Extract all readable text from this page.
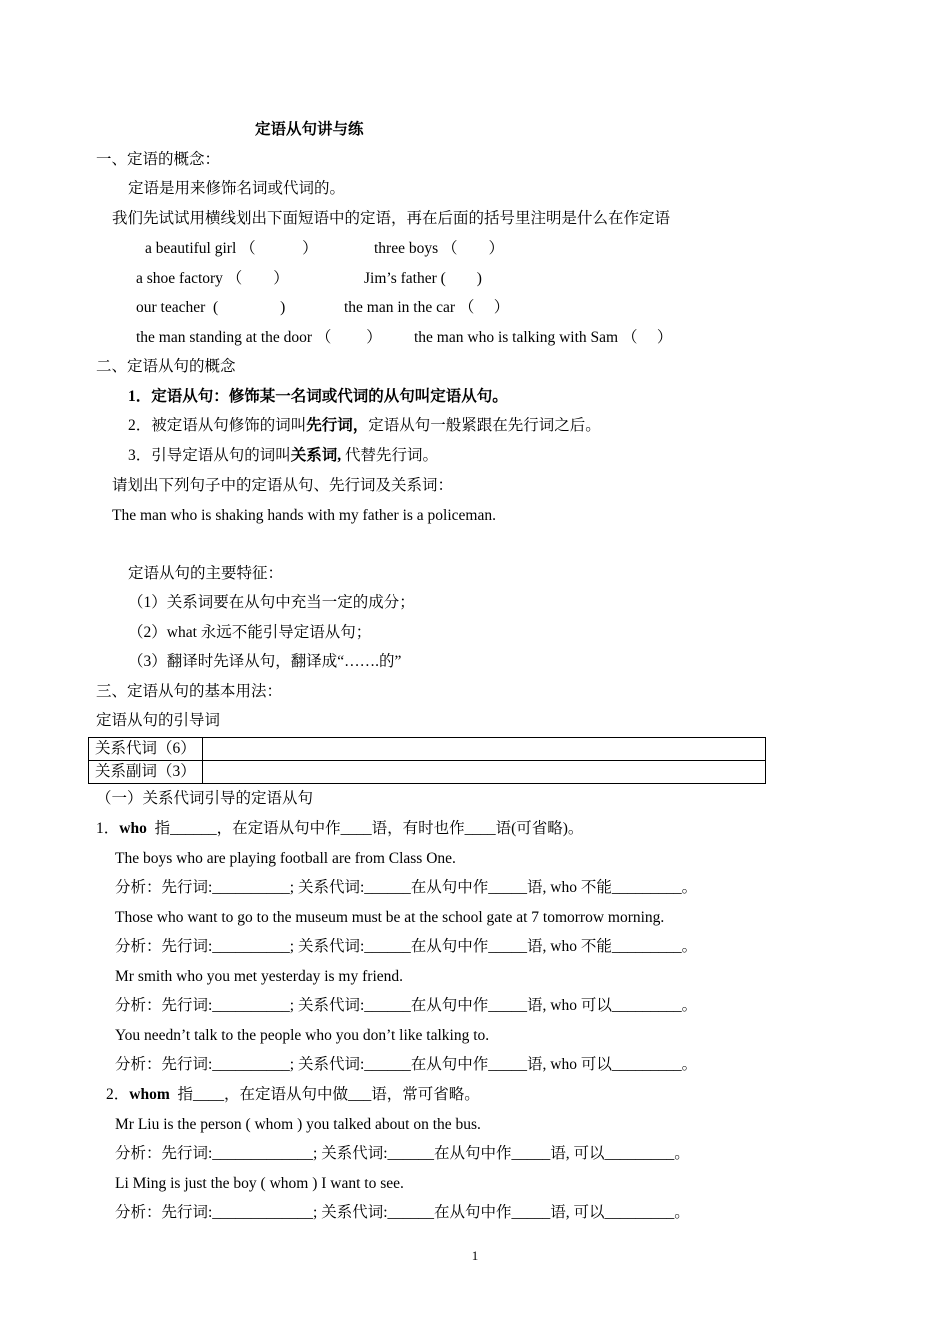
定语从句讲与练
一、定语的概念：
定语是用来修饰名词或代词的。
我们先试试用横线划出下面短语中的定语，再在后面的括号里注明是什么在作定语
a beautiful girl （　　　）	three boys （　　）
a shoe factory （　　）	Jim’s father (　　)
our teacher  (　　　　)	the man in the car （　 ）
the man standing at the door （　　 ） the man who is talking with Sam （　 ）
二、定语从句的概念
1．定语从句：修饰某一名词或代词的从句叫定语从句。
2．被定语从句修饰的词叫先行词，定语从句一般紧跟在先行词之后。
3．引导定语从句的词叫关系词, 代替先行词。
请划出下列句子中的定语从句、先行词及关系词：
The man who is shaking hands with my father is a policeman.
定语从句的主要特征：
（1）关系词要在从句中充当一定的成分；
（2）what 永远不能引导定语从句；
（3）翻译时先译从句，翻译成“…….的”
三、定语从句的基本用法：
定语从句的引导词
关系代词（6）	
关系副词（3）	
（一）关系代词引导的定语从句
1．who  指______，在定语从句中作____语，有时也作____语(可省略)。
The boys who are playing football are from Class One.
分析：先行词:__________; 关系代词:______在从句中作_____语, who 不能_________。
Those who want to go to the museum must be at the school gate at 7 tomorrow morning.
分析：先行词:__________; 关系代词:______在从句中作_____语, who 不能_________。
Mr smith who you met yesterday is my friend.
分析：先行词:__________; 关系代词:______在从句中作_____语, who 可以_________。
You needn’t talk to the people who you don’t like talking to.
分析：先行词:__________; 关系代词:______在从句中作_____语, who 可以_________。
2．whom  指____，在定语从句中做___语，常可省略。
Mr Liu is the person ( whom ) you talked about on the bus.
分析：先行词:_____________; 关系代词:______在从句中作_____语, 可以_________。
Li Ming is just the boy ( whom ) I want to see.
分析：先行词:_____________; 关系代词:______在从句中作_____语, 可以_________。
1
